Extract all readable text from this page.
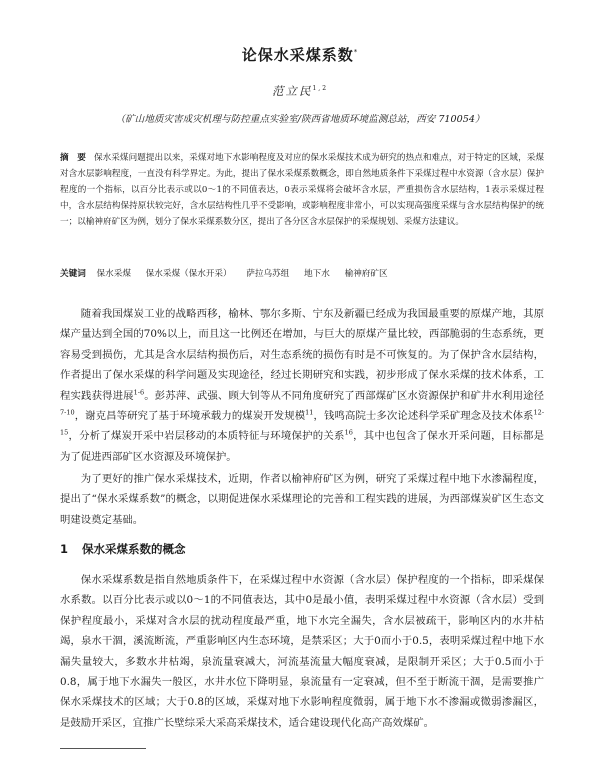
论保水采煤系数*
范立民$^{1,2}$
（矿山地质灾害成灾机理与防控重点实验室/陕西省地质环境监测总站，西安 710054）
摘　要 保水采煤问题提出以来，采煤对地下水影响程度及对应的保水采煤技术成为研究的热点和难点，对于特定的区域，采煤对含水层影响程度，一直没有科学界定。为此，提出了保水采煤系数概念，即自然地质条件下采煤过程中水资源（含水层）保护程度的一个指标，以百分比表示或以0～1的不同值表达，0表示采煤将会破坏含水层，严重损伤含水层结构，1表示采煤过程中，含水层结构保持原状较完好，含水层结构性几乎不受影响，或影响程度非常小，可以实现高强度采煤与含水层结构保护的统一；以榆神府矿区为例，划分了保水采煤系数分区，提出了各分区含水层保护的采煤规划、采煤方法建议。
关键词 保水采煤 保水采煤（保水开采） 萨拉乌苏组 地下水 榆神府矿区

随着我国煤炭工业的战略西移，榆林、鄂尔多斯、宁东及新疆已经成为我国最重要的原煤产地，其原煤产量达到全国的70%以上，而且这一比例还在增加，与巨大的原煤产量比较，西部脆弱的生态系统，更容易受到损伤，尤其是含水层结构损伤后，对生态系统的损伤有时是不可恢复的。为了保护含水层结构，作者提出了保水采煤的科学问题及实现途径，经过长期研究和实践，初步形成了保水采煤的技术体系，工程实践获得进展$^{1-6}$。彭苏萍、武强、顾大钊等从不同角度研究了西部煤矿区水资源保护和矿井水利用途径$^{7-10}$，谢克昌等研究了基于环境承载力的煤炭开发规模$^{11}$，钱鸣高院士多次论述科学采矿理念及技术体系$^{12-15}$，分析了煤炭开采中岩层移动的本质特征与环境保护的关系$^{16}$，其中也包含了保水开采问题，目标都是为了促进西部矿区水资源及环境保护。

为了更好的推广保水采煤技术，近期，作者以榆神府矿区为例，研究了采煤过程中地下水渗漏程度，提出了“保水采煤系数”的概念，以期促进保水采煤理论的完善和工程实践的进展，为西部煤炭矿区生态文明建设奠定基础。

1 保水采煤系数的概念

保水采煤系数是指自然地质条件下，在采煤过程中水资源（含水层）保护程度的一个指标，即采煤保水系数。以百分比表示或以0～1的不同值表达，其中0是最小值，表明采煤过程中水资源（含水层）受到保护程度最小，采煤对含水层的扰动程度最严重，地下水完全漏失，含水层被疏干，影响区内的水井枯竭，泉水干涸，溪流断流，严重影响区内生态环境，是禁采区；大于0而小于0.5，表明采煤过程中地下水漏失量较大，多数水井枯竭，泉流量衰减大，河流基流量大幅度衰减，是限制开采区；大于0.5而小于0.8，属于地下水漏失一般区，水井水位下降明显，泉流量有一定衰减，但不至于断流干涸，是需要推广保水采煤技术的区域；大于0.8的区域，采煤对地下水影响程度微弱，属于地下水不渗漏或微弱渗漏区，是鼓励开采区，宜推广长壁综采大采高采煤技术，适合建设现代化高产高效煤矿。
